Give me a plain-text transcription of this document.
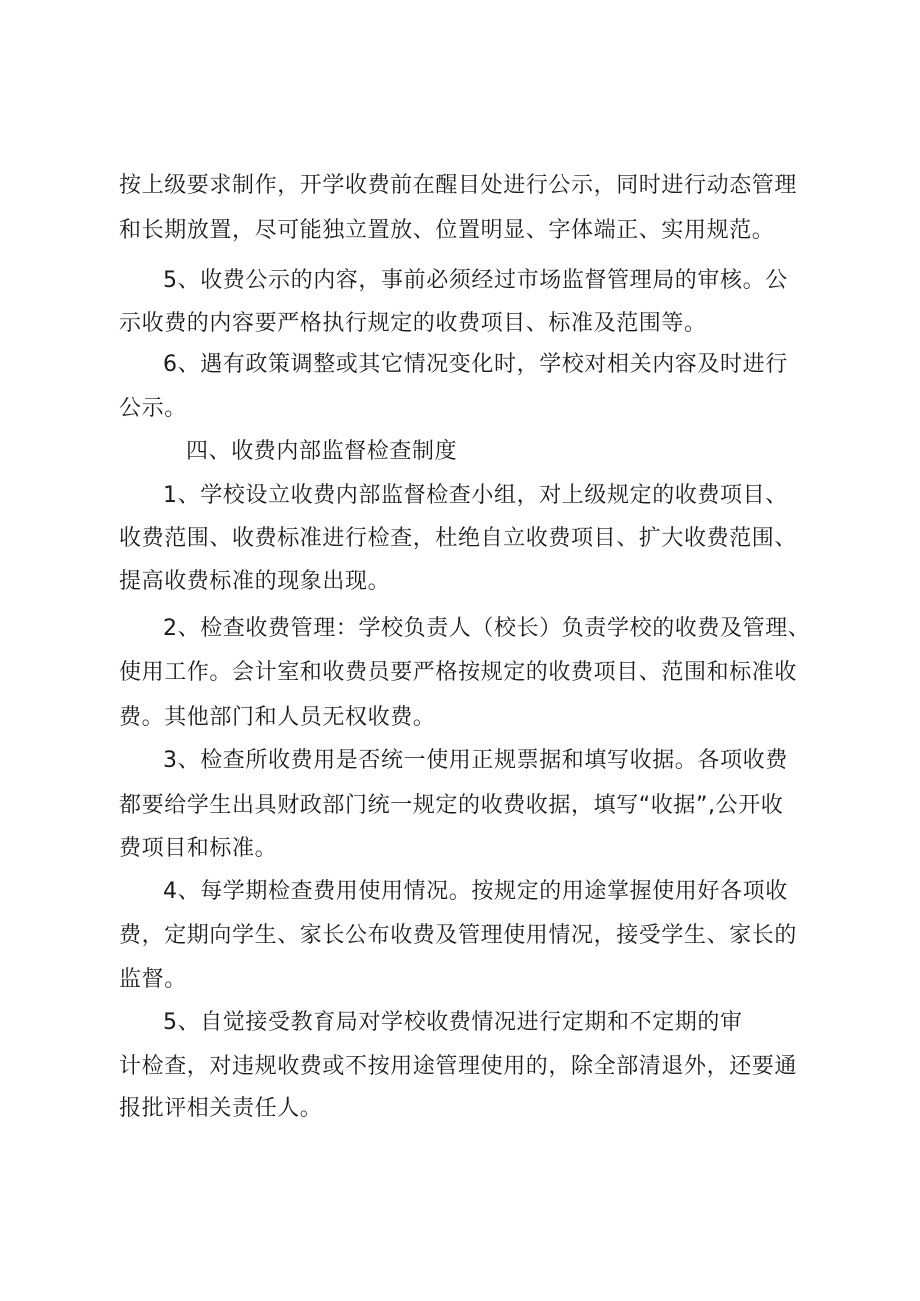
按上级要求制作，开学收费前在醒目处进行公示，同时进行动态管理
和长期放置，尽可能独立置放、位置明显、字体端正、实用规范。
5、收费公示的内容，事前必须经过市场监督管理局的审核。公
示收费的内容要严格执行规定的收费项目、标准及范围等。
6、遇有政策调整或其它情况变化时，学校对相关内容及时进行
公示。
四、收费内部监督检查制度
1、学校设立收费内部监督检查小组，对上级规定的收费项目、
收费范围、收费标准进行检查，杜绝自立收费项目、扩大收费范围、
提高收费标准的现象出现。
2、检查收费管理：学校负责人（校长）负责学校的收费及管理、
使用工作。会计室和收费员要严格按规定的收费项目、范围和标准收
费。其他部门和人员无权收费。
3、检查所收费用是否统一使用正规票据和填写收据。各项收费
都要给学生出具财政部门统一规定的收费收据，填写“收据”,公开收
费项目和标准。
4、每学期检查费用使用情况。按规定的用途掌握使用好各项收
费，定期向学生、家长公布收费及管理使用情况，接受学生、家长的
监督。
5、自觉接受教育局对学校收费情况进行定期和不定期的审
计检查，对违规收费或不按用途管理使用的，除全部清退外，还要通
报批评相关责任人。
